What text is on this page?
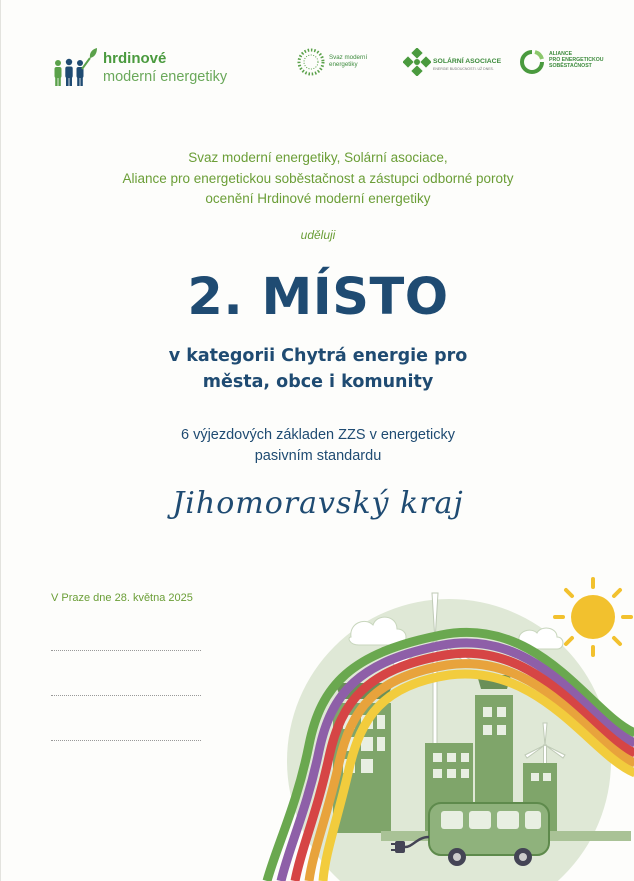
hrdinové
moderní energetiky
Svaz moderní
energetiky	SOLÁRNÍ ASOCIACE
ENERGIE BUDOUCNOSTI. UŽ DNES.
ALIANCE
PRO ENERGETICKOU
SOBĚSTAČNOST
Svaz moderní energetiky, Solární asociace,
Aliance pro energetickou soběstačnost a zástupci odborné poroty
ocenění Hrdinové moderní energetiky
uděluji
2. MÍSTO
v kategorii Chytrá energie pro
města, obce i komunity
6 výjezdových základen ZZS v energeticky
pasivním standardu
Jihomoravský kraj
V Praze dne 28. května 2025
